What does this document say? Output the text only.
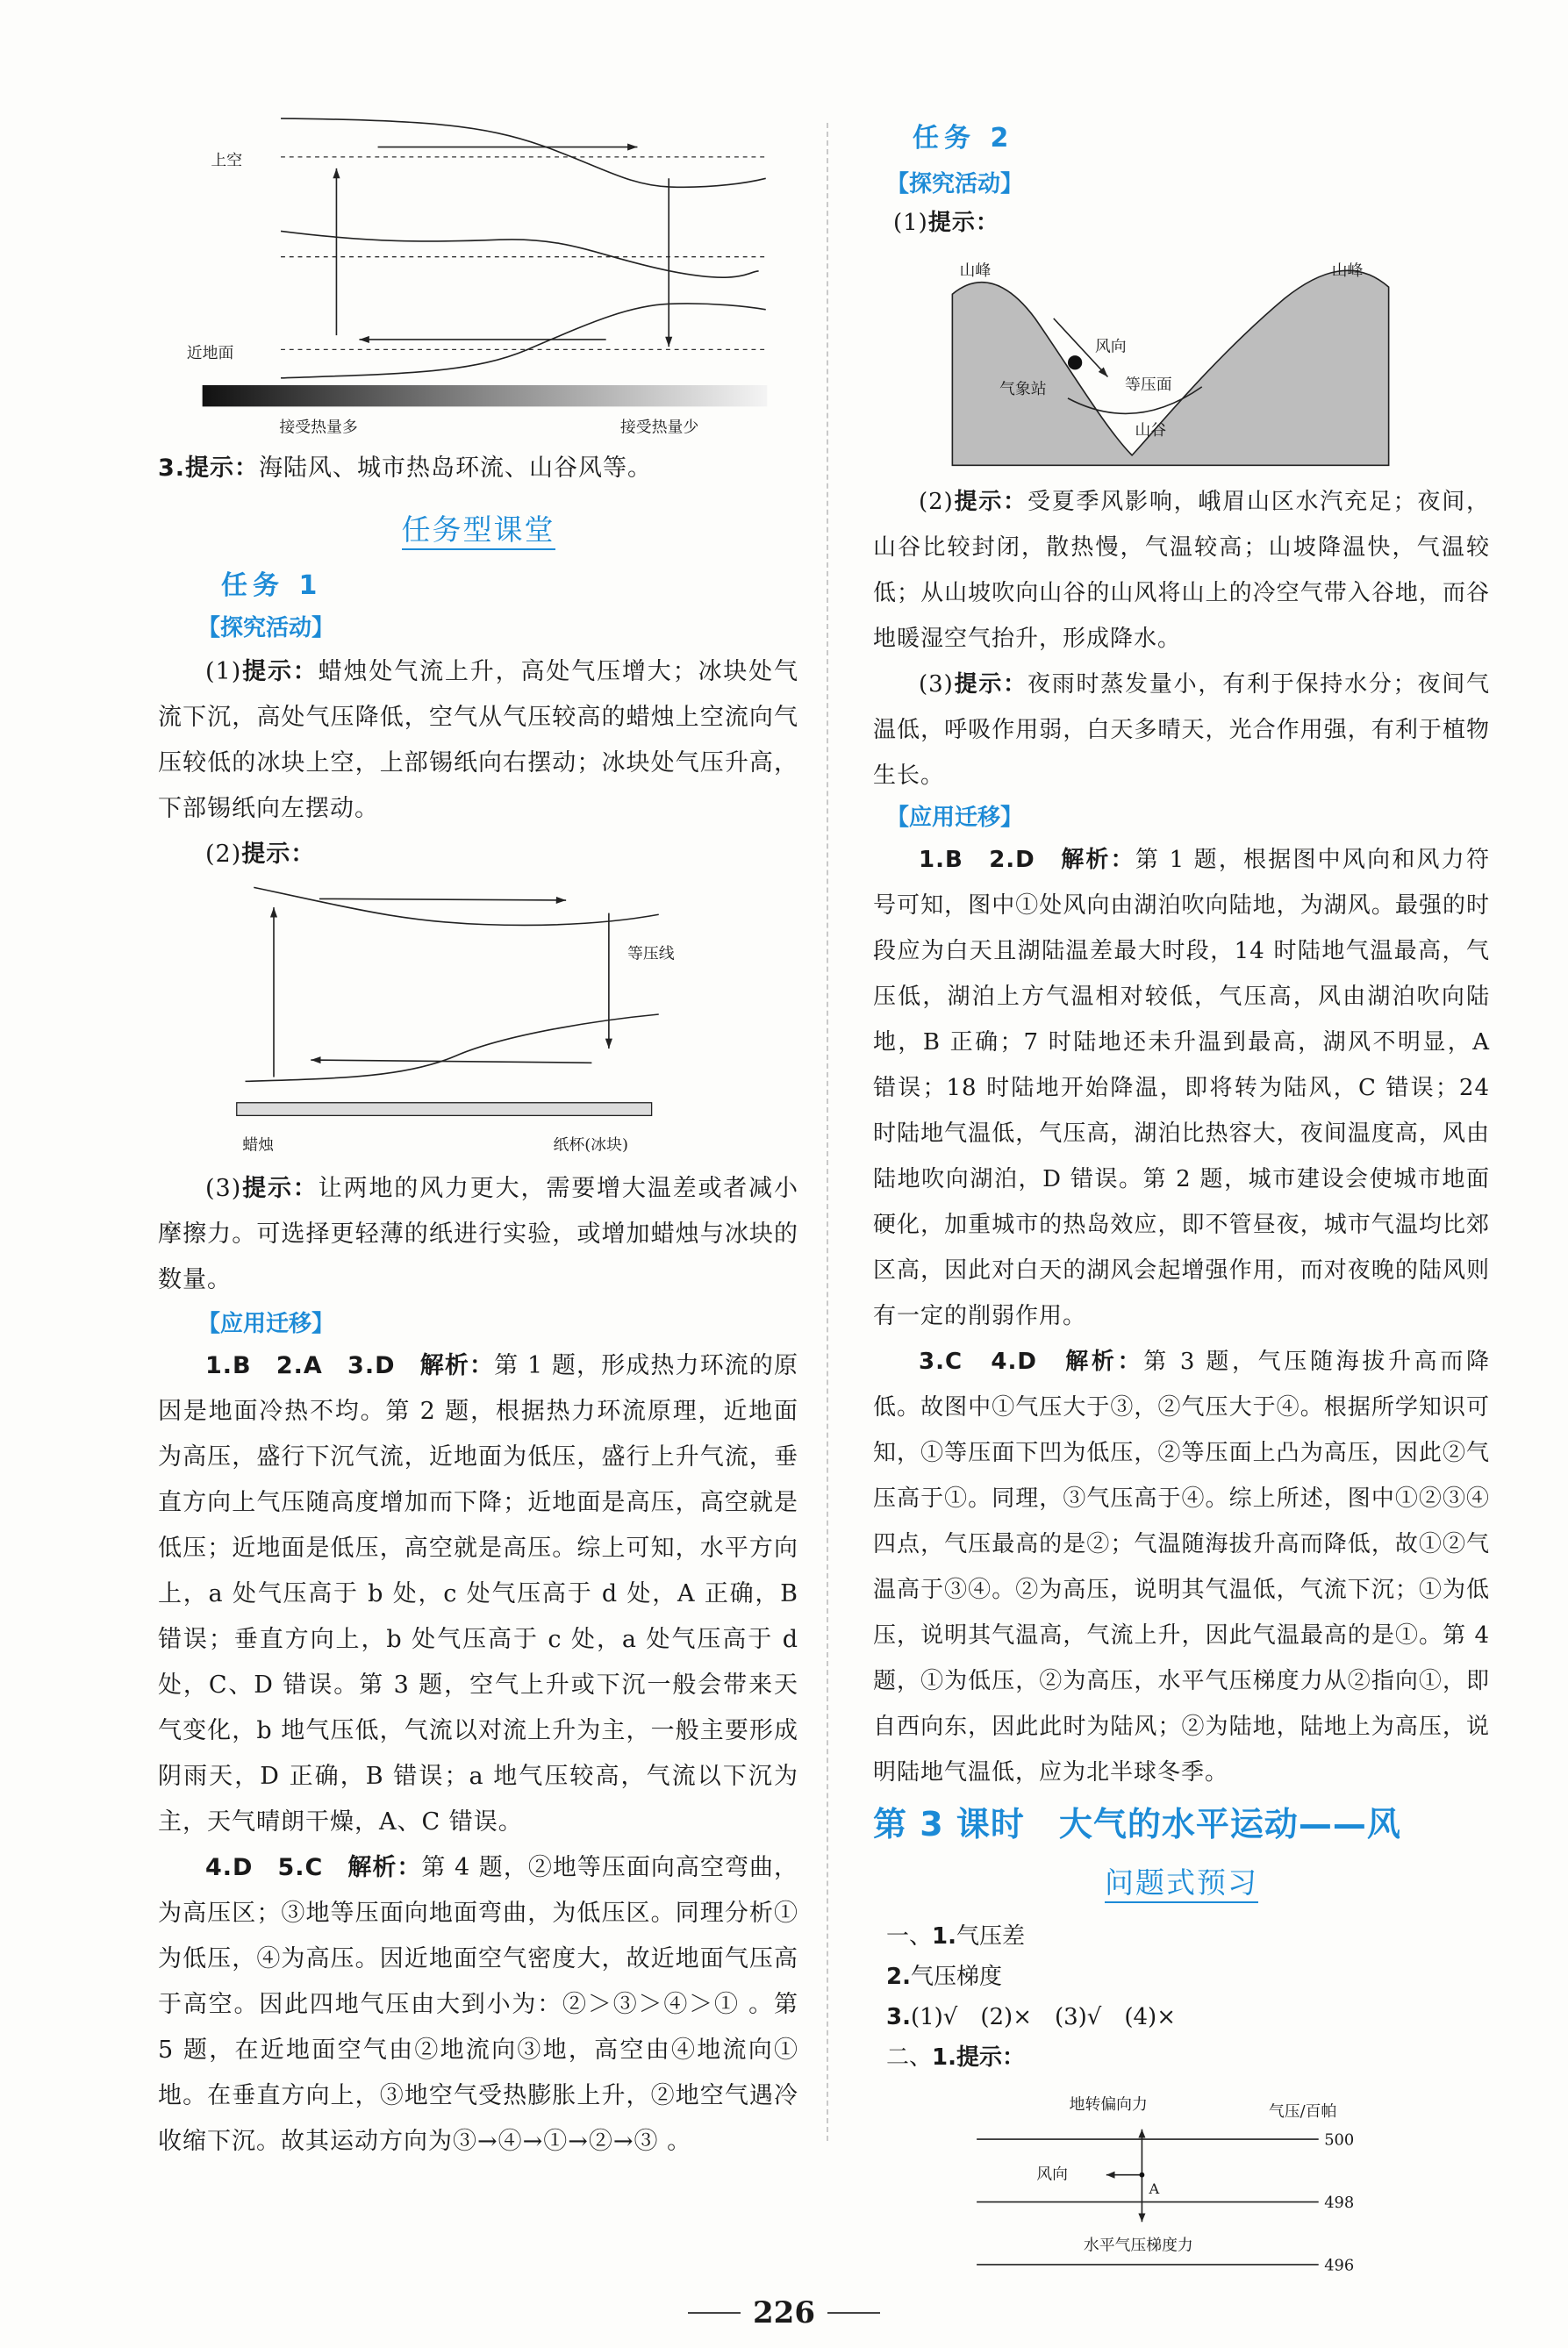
上空
近地面
接受热量多	接受热量少
3.提示：海陆风、城市热岛环流、山谷风等。
任务型课堂
任务 1
【探究活动】
(1)提示：蜡烛处气流上升，高处气压增大；冰块处气流下沉，高处气压降低，空气从气压较高的蜡烛上空流向气压较低的冰块上空，上部锡纸向右摆动；冰块处气压升高，下部锡纸向左摆动。
(2)提示：
等压线
蜡烛	纸杯(冰块)
(3)提示：让两地的风力更大，需要增大温差或者减小摩擦力。可选择更轻薄的纸进行实验，或增加蜡烛与冰块的数量。
【应用迁移】
1.B　2.A　3.D　解析：第 1 题，形成热力环流的原因是地面冷热不均。第 2 题，根据热力环流原理，近地面为高压，盛行下沉气流，近地面为低压，盛行上升气流，垂直方向上气压随高度增加而下降；近地面是高压，高空就是低压；近地面是低压，高空就是高压。综上可知，水平方向上，a 处气压高于 b 处，c 处气压高于 d 处，A 正确，B 错误；垂直方向上，b 处气压高于 c 处，a 处气压高于 d 处，C、D 错误。第 3 题，空气上升或下沉一般会带来天气变化，b 地气压低，气流以对流上升为主，一般主要形成阴雨天，D 正确，B 错误；a 地气压较高，气流以下沉为主，天气晴朗干燥，A、C 错误。
4.D　5.C　解析：第 4 题，②地等压面向高空弯曲，为高压区；③地等压面向地面弯曲，为低压区。同理分析①为低压，④为高压。因近地面空气密度大，故近地面气压高于高空。因此四地气压由大到小为：②＞③＞④＞① 。第 5 题，在近地面空气由②地流向③地，高空由④地流向①地。在垂直方向上，③地空气受热膨胀上升，②地空气遇冷收缩下沉。故其运动方向为③→④→①→②→③ 。
任务 2
【探究活动】
(1)提示：
山峰	山峰
风向
气象站	等压面
山谷
(2)提示：受夏季风影响，峨眉山区水汽充足；夜间，山谷比较封闭，散热慢，气温较高；山坡降温快，气温较低；从山坡吹向山谷的山风将山上的冷空气带入谷地，而谷地暖湿空气抬升，形成降水。
(3)提示：夜雨时蒸发量小，有利于保持水分；夜间气温低，呼吸作用弱，白天多晴天，光合作用强，有利于植物生长。
【应用迁移】
1.B　2.D　解析：第 1 题，根据图中风向和风力符号可知，图中①处风向由湖泊吹向陆地，为湖风。最强的时段应为白天且湖陆温差最大时段，14 时陆地气温最高，气压低，湖泊上方气温相对较低，气压高，风由湖泊吹向陆地，B 正确；7 时陆地还未升温到最高，湖风不明显，A 错误；18 时陆地开始降温，即将转为陆风，C 错误；24 时陆地气温低，气压高，湖泊比热容大，夜间温度高，风由陆地吹向湖泊，D 错误。第 2 题，城市建设会使城市地面硬化，加重城市的热岛效应，即不管昼夜，城市气温均比郊区高，因此对白天的湖风会起增强作用，而对夜晚的陆风则有一定的削弱作用。
3.C　4.D　解析：第 3 题，气压随海拔升高而降低。故图中①气压大于③，②气压大于④。根据所学知识可知，①等压面下凹为低压，②等压面上凸为高压，因此②气压高于①。同理，③气压高于④。综上所述，图中①②③④四点，气压最高的是②；气温随海拔升高而降低，故①②气温高于③④。②为高压，说明其气温低，气流下沉；①为低压，说明其气温高，气流上升，因此气温最高的是①。第 4 题，①为低压，②为高压，水平气压梯度力从②指向①，即自西向东，因此此时为陆风；②为陆地，陆地上为高压，说明陆地气温低，应为北半球冬季。
第 3 课时　大气的水平运动——风
问题式预习
一、1.气压差
2.气压梯度
3.(1)√　(2)×　(3)√　(4)×
二、1.提示：
地转偏向力	气压/百帕
风向
A
水平气压梯度力
500
498
496
226
